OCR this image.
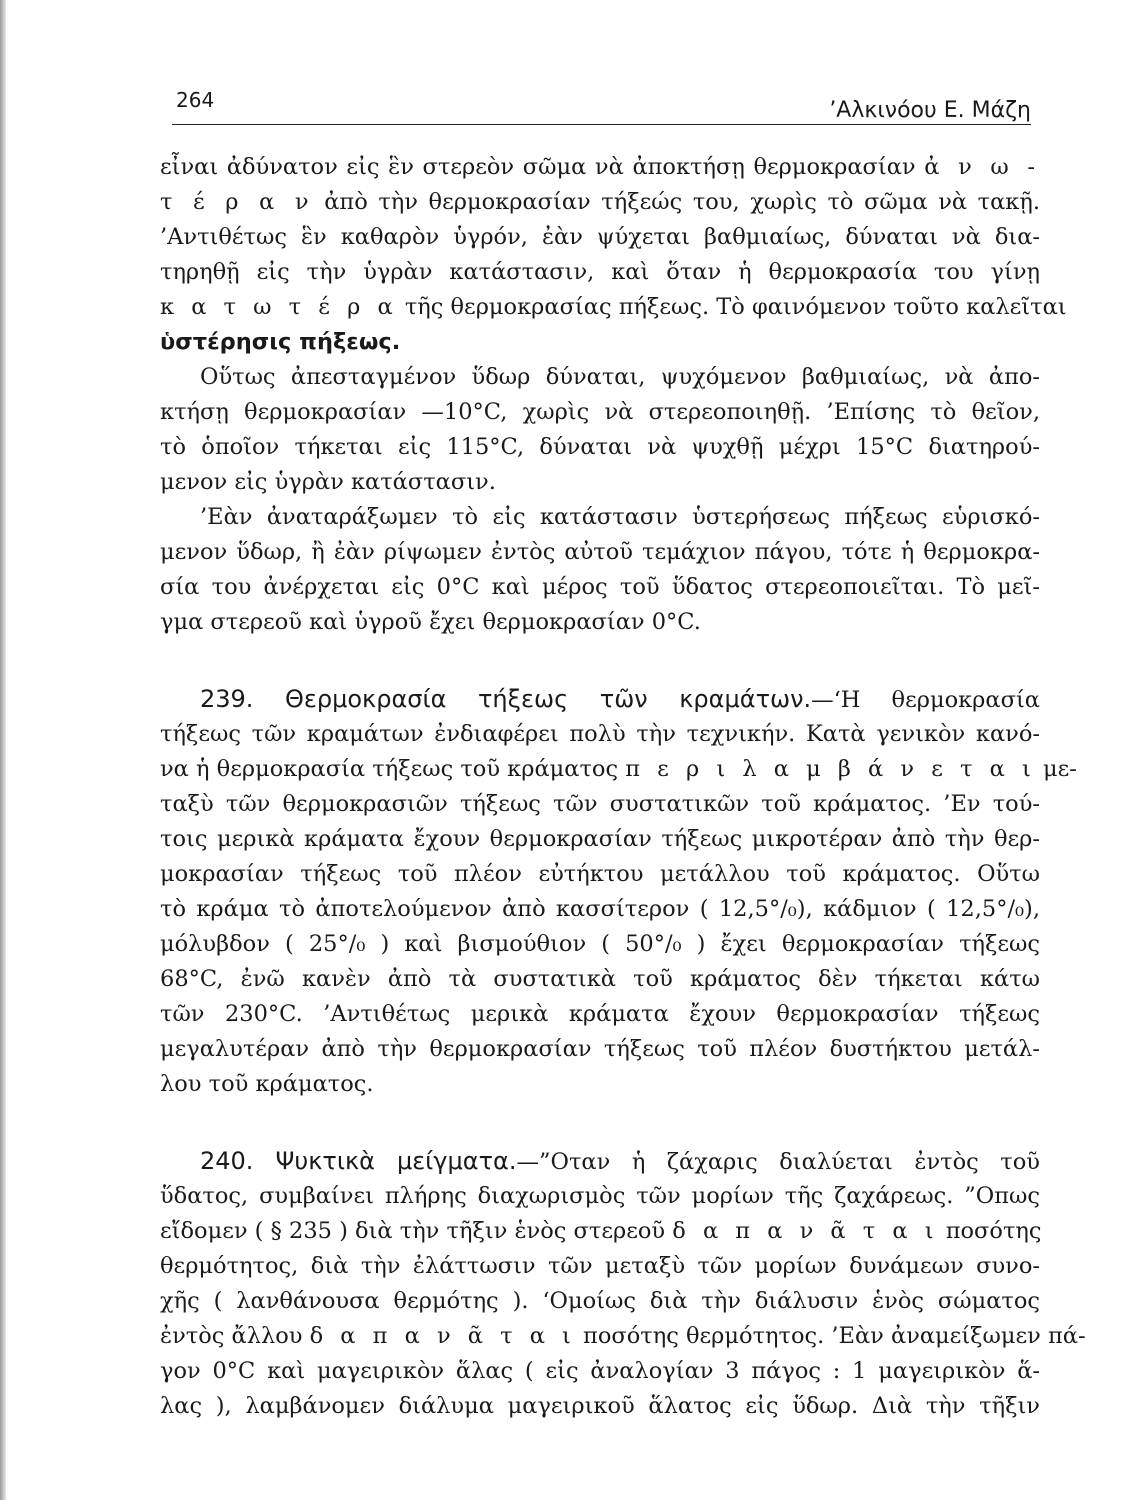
264	’Αλκινόου Ε. Μάζη
εἶναι ἀδύνατον εἰς ἓν στερεὸν σῶμα νὰ ἀποκτήσῃ θερμοκρασίαν ἀ ν ω -
τ έ ρ α ν ἀπὸ τὴν θερμοκρασίαν τήξεώς του, χωρὶς τὸ σῶμα νὰ τακῇ.
’Αντιθέτως ἓν καθαρὸν ὑγρόν, ἐὰν ψύχεται βαθμιαίως, δύναται νὰ δια-
τηρηθῇ εἰς τὴν ὑγρὰν κατάστασιν, καὶ ὅταν ἡ θερμοκρασία του γίνῃ
κ α τ ω τ έ ρ α τῆς θερμοκρασίας πήξεως. Τὸ φαινόμενον τοῦτο καλεῖται
ὑστέρησις πήξεως.
Οὕτως ἀπεσταγμένον ὕδωρ δύναται, ψυχόμενον βαθμιαίως, νὰ ἀπο-
κτήσῃ θερμοκρασίαν —10°C, χωρὶς νὰ στερεοποιηθῇ. ’Επίσης τὸ θεῖον,
τὸ ὁποῖον τήκεται εἰς 115°C, δύναται νὰ ψυχθῇ μέχρι 15°C διατηρού-
μενον εἰς ὑγρὰν κατάστασιν.
’Εὰν ἀναταράξωμεν τὸ εἰς κατάστασιν ὑστερήσεως πήξεως εὑρισκό-
μενον ὕδωρ, ἢ ἐὰν ρίψωμεν ἐντὸς αὐτοῦ τεμάχιον πάγου, τότε ἡ θερμοκρα-
σία του ἀνέρχεται εἰς 0°C καὶ μέρος τοῦ ὕδατος στερεοποιεῖται. Τὸ μεῖ-
γμα στερεοῦ καὶ ὑγροῦ ἔχει θερμοκρασίαν 0°C.
239. Θερμοκρασία τήξεως τῶν κραμάτων.—‘Η θερμοκρασία
τήξεως τῶν κραμάτων ἐνδιαφέρει πολὺ τὴν τεχνικήν. Κατὰ γενικὸν κανό-
να ἡ θερμοκρασία τήξεως τοῦ κράματος π ε ρ ι λ α μ β ά ν ε τ α ι με-
ταξὺ τῶν θερμοκρασιῶν τήξεως τῶν συστατικῶν τοῦ κράματος. ’Εν τού-
τοις μερικὰ κράματα ἔχουν θερμοκρασίαν τήξεως μικροτέραν ἀπὸ τὴν θερ-
μοκρασίαν τήξεως τοῦ πλέον εὐτήκτου μετάλλου τοῦ κράματος. Οὕτω
τὸ κράμα τὸ ἀποτελούμενον ἀπὸ κασσίτερον ( 12,5°/₀), κάδμιον ( 12,5°/₀),
μόλυβδον ( 25°/₀ ) καὶ βισμούθιον ( 50°/₀ ) ἔχει θερμοκρασίαν τήξεως
68°C, ἐνῶ κανὲν ἀπὸ τὰ συστατικὰ τοῦ κράματος δὲν τήκεται κάτω
τῶν 230°C. ’Αντιθέτως μερικὰ κράματα ἔχουν θερμοκρασίαν τήξεως
μεγαλυτέραν ἀπὸ τὴν θερμοκρασίαν τήξεως τοῦ πλέον δυστήκτου μετάλ-
λου τοῦ κράματος.
240. Ψυκτικὰ μείγματα.—”Οταν ἡ ζάχαρις διαλύεται ἐντὸς τοῦ
ὕδατος, συμβαίνει πλήρης διαχωρισμὸς τῶν μορίων τῆς ζαχάρεως. ”Οπως
εἴδομεν ( § 235 ) διὰ τὴν τῆξιν ἑνὸς στερεοῦ δ α π α ν ᾶ τ α ι ποσότης
θερμότητος, διὰ τὴν ἐλάττωσιν τῶν μεταξὺ τῶν μορίων δυνάμεων συνο-
χῆς ( λανθάνουσα θερμότης ). ‘Ομοίως διὰ τὴν διάλυσιν ἑνὸς σώματος
ἐντὸς ἄλλου δ α π α ν ᾶ τ α ι ποσότης θερμότητος. ’Εὰν ἀναμείξωμεν πά-
γον 0°C καὶ μαγειρικὸν ἅλας ( εἰς ἀναλογίαν 3 πάγος : 1 μαγειρικὸν ἅ-
λας ), λαμβάνομεν διάλυμα μαγειρικοῦ ἅλατος εἰς ὕδωρ. Διὰ τὴν τῆξιν
